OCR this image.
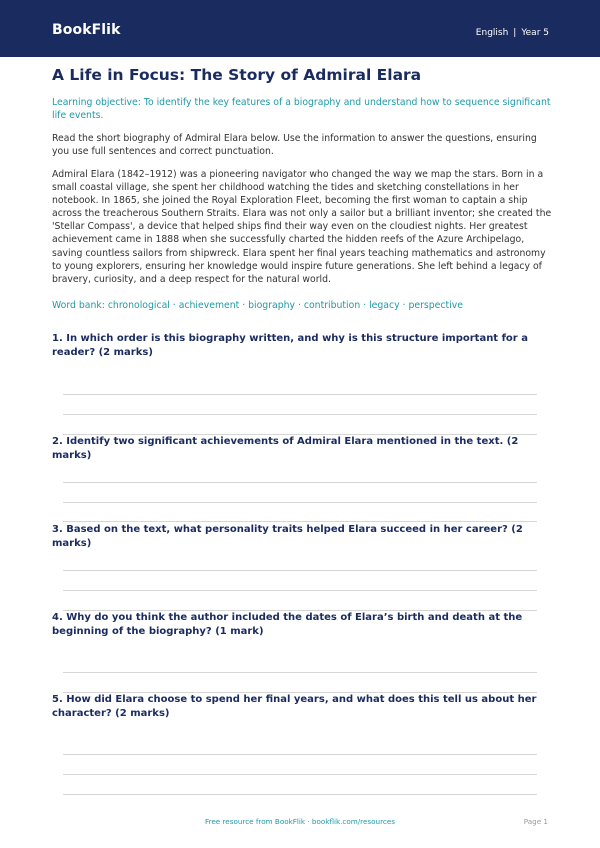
BookFlik	English | Year 5
A Life in Focus: The Story of Admiral Elara
Learning objective: To identify the key features of a biography and understand how to sequence significant life events.
Read the short biography of Admiral Elara below. Use the information to answer the questions, ensuring you use full sentences and correct punctuation.
Admiral Elara (1842–1912) was a pioneering navigator who changed the way we map the stars. Born in a small coastal village, she spent her childhood watching the tides and sketching constellations in her notebook. In 1865, she joined the Royal Exploration Fleet, becoming the first woman to captain a ship across the treacherous Southern Straits. Elara was not only a sailor but a brilliant inventor; she created the 'Stellar Compass', a device that helped ships find their way even on the cloudiest nights. Her greatest achievement came in 1888 when she successfully charted the hidden reefs of the Azure Archipelago, saving countless sailors from shipwreck. Elara spent her final years teaching mathematics and astronomy to young explorers, ensuring her knowledge would inspire future generations. She left behind a legacy of bravery, curiosity, and a deep respect for the natural world.
Word bank: chronological · achievement · biography · contribution · legacy · perspective
1. In which order is this biography written, and why is this structure important for a reader? (2 marks)
2. Identify two significant achievements of Admiral Elara mentioned in the text. (2 marks)
3. Based on the text, what personality traits helped Elara succeed in her career? (2 marks)
4. Why do you think the author included the dates of Elara’s birth and death at the beginning of the biography? (1 mark)
5. How did Elara choose to spend her final years, and what does this tell us about her character? (2 marks)
Free resource from BookFlik · bookflik.com/resources	Page 1
